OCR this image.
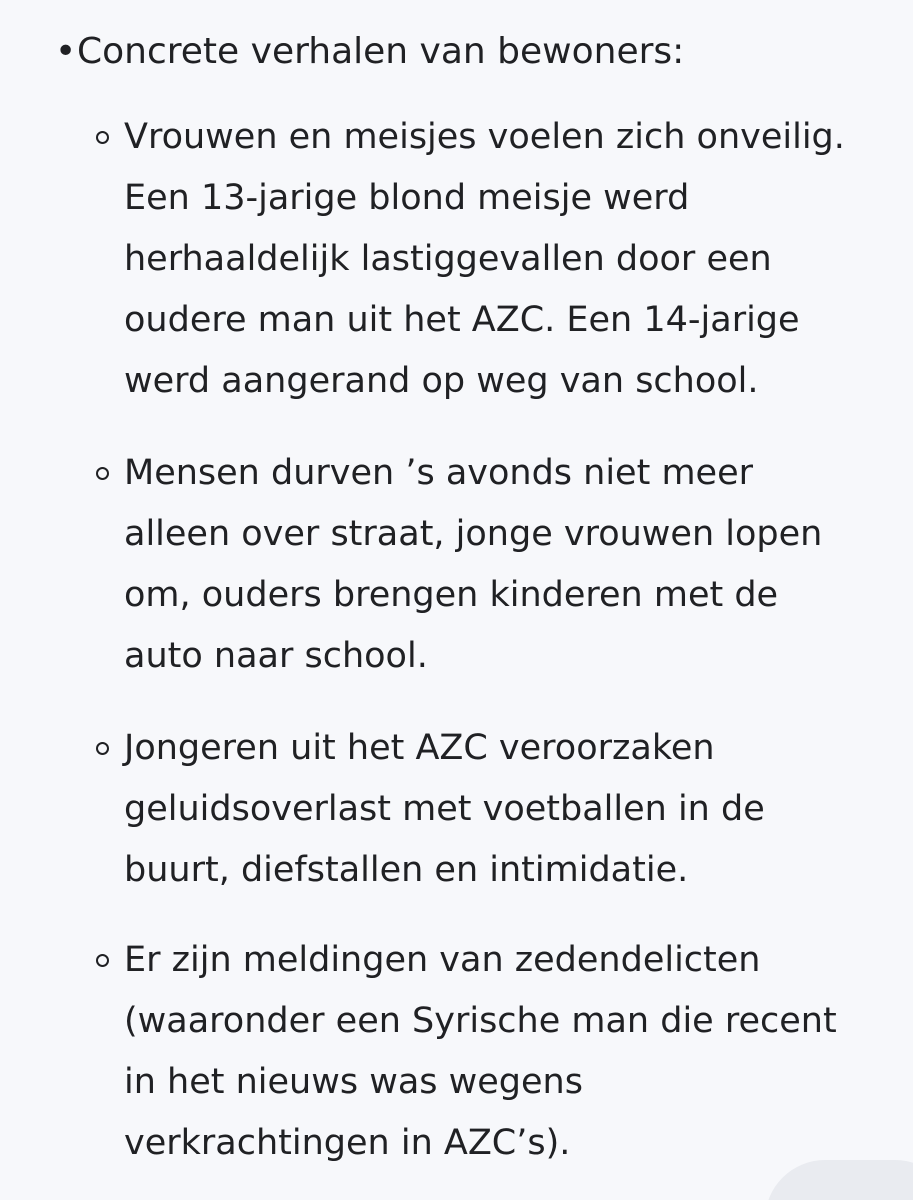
• Concrete verhalen van bewoners:
Vrouwen en meisjes voelen zich onveilig.
Een 13-jarige blond meisje werd
herhaaldelijk lastiggevallen door een
oudere man uit het AZC. Een 14-jarige
werd aangerand op weg van school.
Mensen durven ’s avonds niet meer
alleen over straat, jonge vrouwen lopen
om, ouders brengen kinderen met de
auto naar school.
Jongeren uit het AZC veroorzaken
geluidsoverlast met voetballen in de
buurt, diefstallen en intimidatie.
Er zijn meldingen van zedendelicten
(waaronder een Syrische man die recent
in het nieuws was wegens
verkrachtingen in AZC’s).
